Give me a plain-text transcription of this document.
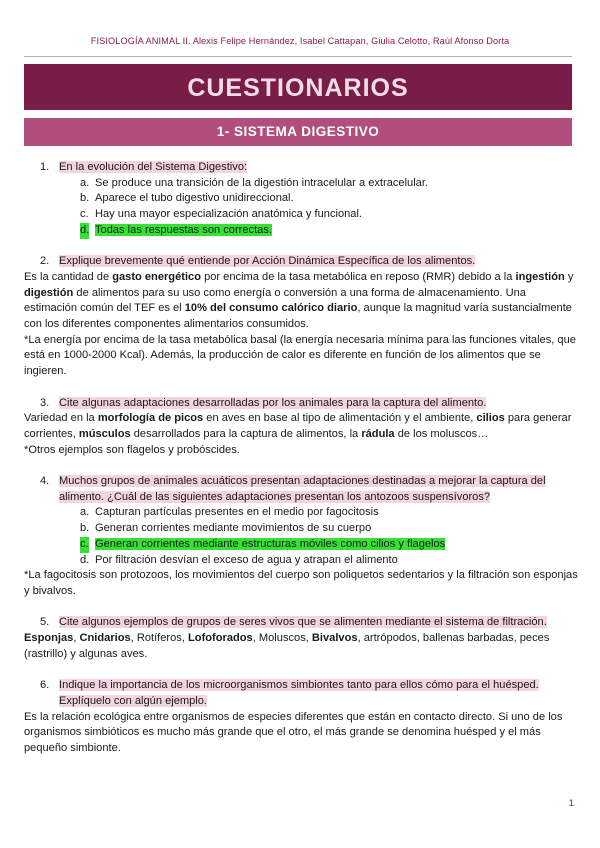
FISIOLOGÍA ANIMAL II. Alexis Felipe Hernández, Isabel Cattapan, Giulia Celotto, Raúl Afonso Dorta
CUESTIONARIOS
1- SISTEMA DIGESTIVO
1. En la evolución del Sistema Digestivo:
a. Se produce una transición de la digestión intracelular a extracelular.
b. Aparece el tubo digestivo unidireccional.
c. Hay una mayor especialización anatómica y funcional.
d. Todas las respuestas son correctas.
2. Explique brevemente qué entiende por Acción Dinámica Específica de los alimentos.

Es la cantidad de gasto energético por encima de la tasa metabólica en reposo (RMR) debido a la ingestión y digestión de alimentos para su uso como energía o conversión a una forma de almacenamiento. Una estimación común del TEF es el 10% del consumo calórico diario, aunque la magnitud varía sustancialmente con los diferentes componentes alimentarios consumidos.

*La energía por encima de la tasa metabólica basal (la energía necesaria mínima para las funciones vitales, que está en 1000-2000 Kcal). Además, la producción de calor es diferente en función de los alimentos que se ingieren.

3. Cite algunas adaptaciones desarrolladas por los animales para la captura del alimento.

Variedad en la morfología de picos en aves en base al tipo de alimentación y el ambiente, cilios para generar corrientes, músculos desarrollados para la captura de alimentos, la rádula de los moluscos…

*Otros ejemplos son flagelos y probóscides.

4. Muchos grupos de animales acuáticos presentan adaptaciones destinadas a mejorar la captura del alimento. ¿Cuál de las siguientes adaptaciones presentan los antozoos suspensívoros?
a. Capturan partículas presentes en el medio por fagocitosis
b. Generan corrientes mediante movimientos de su cuerpo
c. Generan corrientes mediante estructuras móviles como cilios y flagelos
d. Por filtración desvían el exceso de agua y atrapan el alimento

*La fagocitosis son protozoos, los movimientos del cuerpo son poliquetos sedentarios y la filtración son esponjas y bivalvos.

5. Cite algunos ejemplos de grupos de seres vivos que se alimenten mediante el sistema de filtración.

Esponjas, Cnidarios, Rotíferos, Lofoforados, Moluscos, Bivalvos, artrópodos, ballenas barbadas, peces (rastrillo) y algunas aves.

6. Indique la importancia de los microorganismos simbiontes tanto para ellos cómo para el huésped. Explíquelo con algún ejemplo.

Es la relación ecológica entre organismos de especies diferentes que están en contacto directo. Si uno de los organismos simbióticos es mucho más grande que el otro, el más grande se denomina huésped y el más pequeño simbionte.

1
